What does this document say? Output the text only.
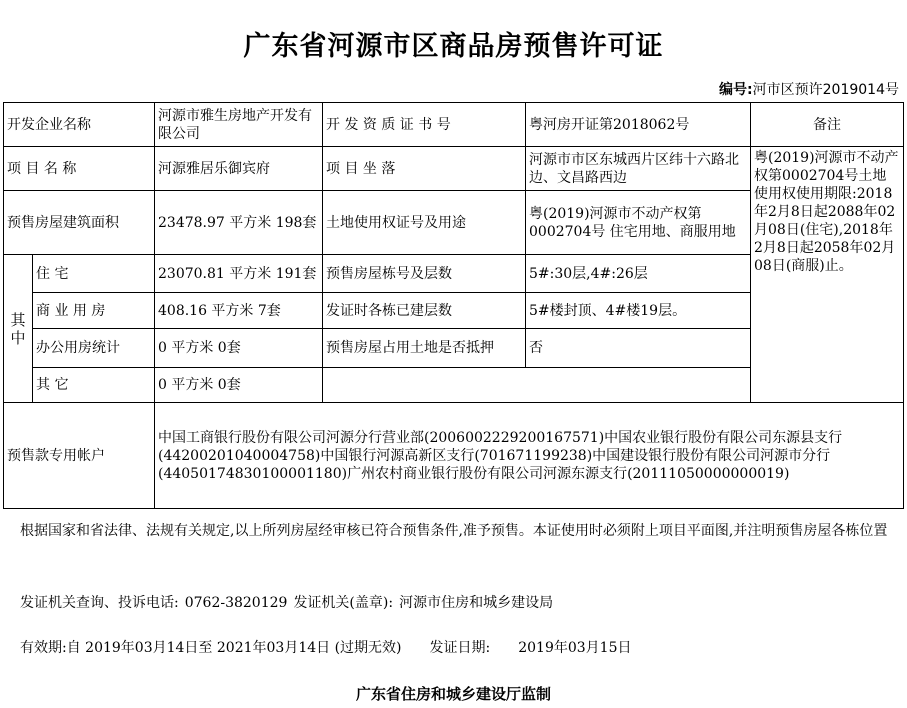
广东省河源市区商品房预售许可证
编号:河市区预许2019014号
开发企业名称		河源市雅生房地产开发有限公司	开 发 资 质 证 书 号	粤河房开证第2018062号	备注
项 目 名 称		河源雅居乐御宾府	项 目 坐 落	河源市市区东城西片区纬十六路北边、文昌路西边	粤(2019)河源市不动产权第0002704号土地使用权使用期限:2018年2月8日起2088年02月08日(住宅),2018年2月8日起2058年02月08日(商服)止。
预售房屋建筑面积		23478.97 平方米 198套	土地使用权证号及用途	粤(2019)河源市不动产权第0002704号 住宅用地、商服用地	

其
中	住 宅	23070.81 平方米 191套	预售房屋栋号及层数	5#:30层,4#:26层	
	商 业 用 房	408.16 平方米 7套	发证时各栋已建层数	5#楼封顶、4#楼19层。	
	办公用房统计	0 平方米 0套	预售房屋占用土地是否抵押	否	
	其 它	0 平方米 0套			
预售款专用帐户		中国工商银行股份有限公司河源分行营业部(2006002229200167571)中国农业银行股份有限公司东源县支行(44200201040004758)中国银行河源高新区支行(701671199238)中国建设银行股份有限公司河源市分行(44050174830100001180)广州农村商业银行股份有限公司河源东源支行(20111050000000019)			
根据国家和省法律、法规有关规定,以上所列房屋经审核已符合预售条件,准予预售。本证使用时必须附上项目平面图,并注明预售房屋各栋位置
发证机关查询、投诉电话: 0762-3820129 发证机关(盖章): 河源市住房和城乡建设局
有效期:自 2019年03月14日至 2021年03月14日 (过期无效) 发证日期: 2019年03月15日
广东省住房和城乡建设厅监制
